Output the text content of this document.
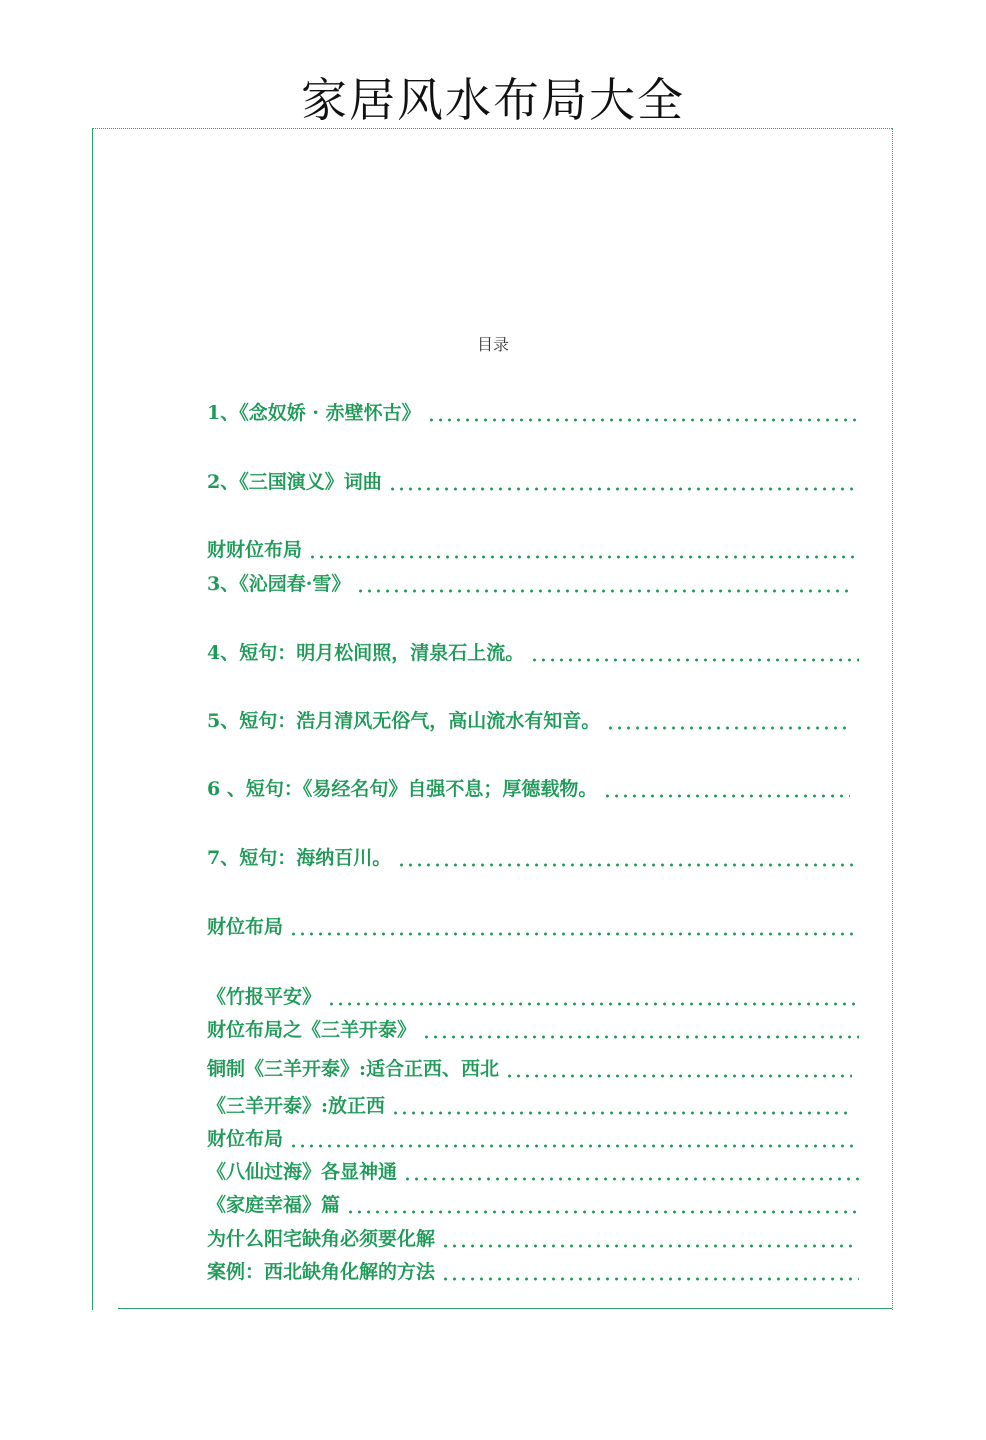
家居风水布局大全
目录
1、《念奴娇 · 赤壁怀古》
2、《三国演义》词曲
财财位布局
3、《沁园春·雪》
4、短句：明月松间照，清泉石上流。
5、短句：浩月清风无俗气，高山流水有知音。
6 、短句：《易经名句》自强不息；厚德载物。
7、短句：海纳百川。
财位布局
《竹报平安》
财位布局之《三羊开泰》
铜制《三羊开泰》:适合正西、西北
《三羊开泰》:放正西
财位布局
《八仙过海》各显神通
《家庭幸福》篇
为什么阳宅缺角必须要化解
案例：西北缺角化解的方法
